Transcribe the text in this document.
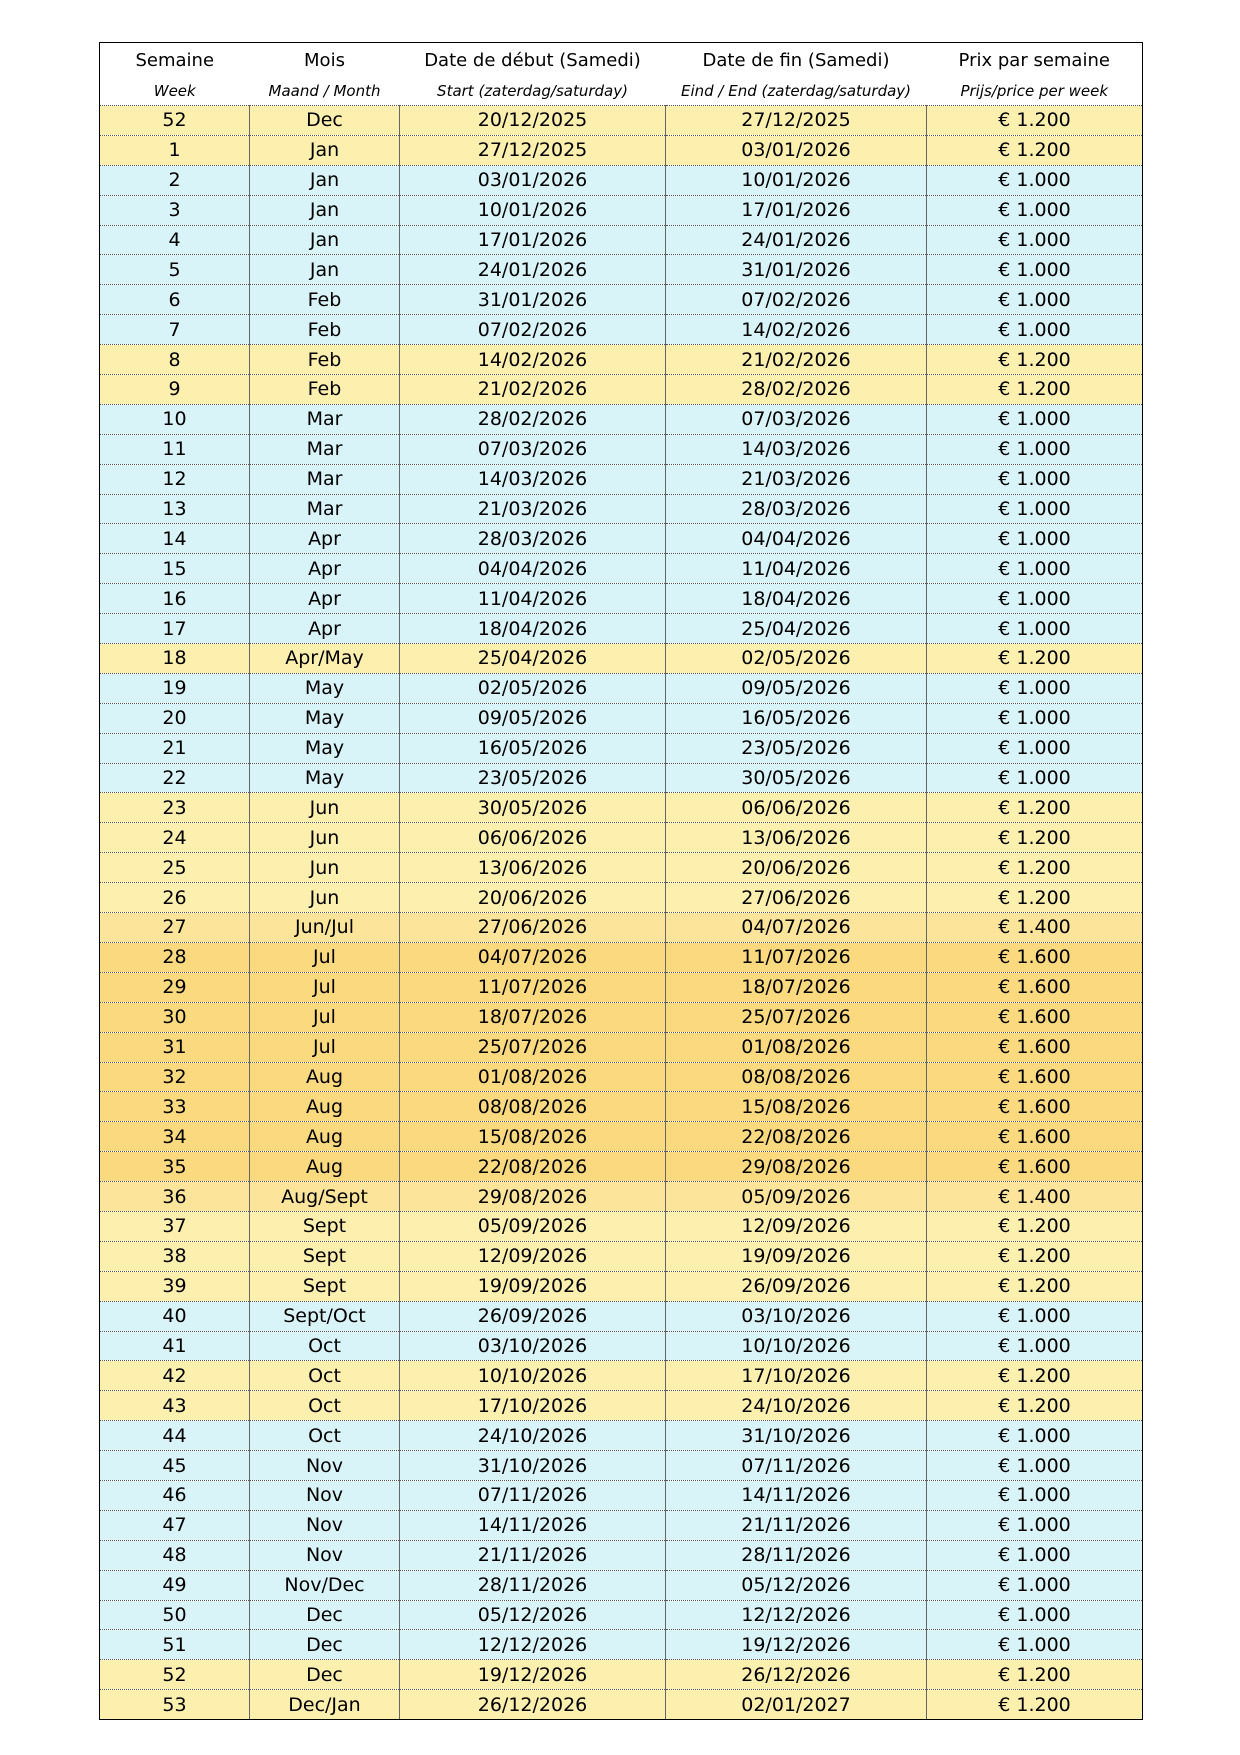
Semaine	Mois	Date de début (Samedi)	Date de fin (Samedi)	Prix par semaine
Week	Maand / Month	Start (zaterdag/saturday)	Eind / End (zaterdag/saturday)	Prijs/price per week
52	Dec	20/12/2025	27/12/2025	€ 1.200
1	Jan	27/12/2025	03/01/2026	€ 1.200
2	Jan	03/01/2026	10/01/2026	€ 1.000
3	Jan	10/01/2026	17/01/2026	€ 1.000
4	Jan	17/01/2026	24/01/2026	€ 1.000
5	Jan	24/01/2026	31/01/2026	€ 1.000
6	Feb	31/01/2026	07/02/2026	€ 1.000
7	Feb	07/02/2026	14/02/2026	€ 1.000
8	Feb	14/02/2026	21/02/2026	€ 1.200
9	Feb	21/02/2026	28/02/2026	€ 1.200
10	Mar	28/02/2026	07/03/2026	€ 1.000
11	Mar	07/03/2026	14/03/2026	€ 1.000
12	Mar	14/03/2026	21/03/2026	€ 1.000
13	Mar	21/03/2026	28/03/2026	€ 1.000
14	Apr	28/03/2026	04/04/2026	€ 1.000
15	Apr	04/04/2026	11/04/2026	€ 1.000
16	Apr	11/04/2026	18/04/2026	€ 1.000
17	Apr	18/04/2026	25/04/2026	€ 1.000
18	Apr/May	25/04/2026	02/05/2026	€ 1.200
19	May	02/05/2026	09/05/2026	€ 1.000
20	May	09/05/2026	16/05/2026	€ 1.000
21	May	16/05/2026	23/05/2026	€ 1.000
22	May	23/05/2026	30/05/2026	€ 1.000
23	Jun	30/05/2026	06/06/2026	€ 1.200
24	Jun	06/06/2026	13/06/2026	€ 1.200
25	Jun	13/06/2026	20/06/2026	€ 1.200
26	Jun	20/06/2026	27/06/2026	€ 1.200
27	Jun/Jul	27/06/2026	04/07/2026	€ 1.400
28	Jul	04/07/2026	11/07/2026	€ 1.600
29	Jul	11/07/2026	18/07/2026	€ 1.600
30	Jul	18/07/2026	25/07/2026	€ 1.600
31	Jul	25/07/2026	01/08/2026	€ 1.600
32	Aug	01/08/2026	08/08/2026	€ 1.600
33	Aug	08/08/2026	15/08/2026	€ 1.600
34	Aug	15/08/2026	22/08/2026	€ 1.600
35	Aug	22/08/2026	29/08/2026	€ 1.600
36	Aug/Sept	29/08/2026	05/09/2026	€ 1.400
37	Sept	05/09/2026	12/09/2026	€ 1.200
38	Sept	12/09/2026	19/09/2026	€ 1.200
39	Sept	19/09/2026	26/09/2026	€ 1.200
40	Sept/Oct	26/09/2026	03/10/2026	€ 1.000
41	Oct	03/10/2026	10/10/2026	€ 1.000
42	Oct	10/10/2026	17/10/2026	€ 1.200
43	Oct	17/10/2026	24/10/2026	€ 1.200
44	Oct	24/10/2026	31/10/2026	€ 1.000
45	Nov	31/10/2026	07/11/2026	€ 1.000
46	Nov	07/11/2026	14/11/2026	€ 1.000
47	Nov	14/11/2026	21/11/2026	€ 1.000
48	Nov	21/11/2026	28/11/2026	€ 1.000
49	Nov/Dec	28/11/2026	05/12/2026	€ 1.000
50	Dec	05/12/2026	12/12/2026	€ 1.000
51	Dec	12/12/2026	19/12/2026	€ 1.000
52	Dec	19/12/2026	26/12/2026	€ 1.200
53	Dec/Jan	26/12/2026	02/01/2027	€ 1.200
